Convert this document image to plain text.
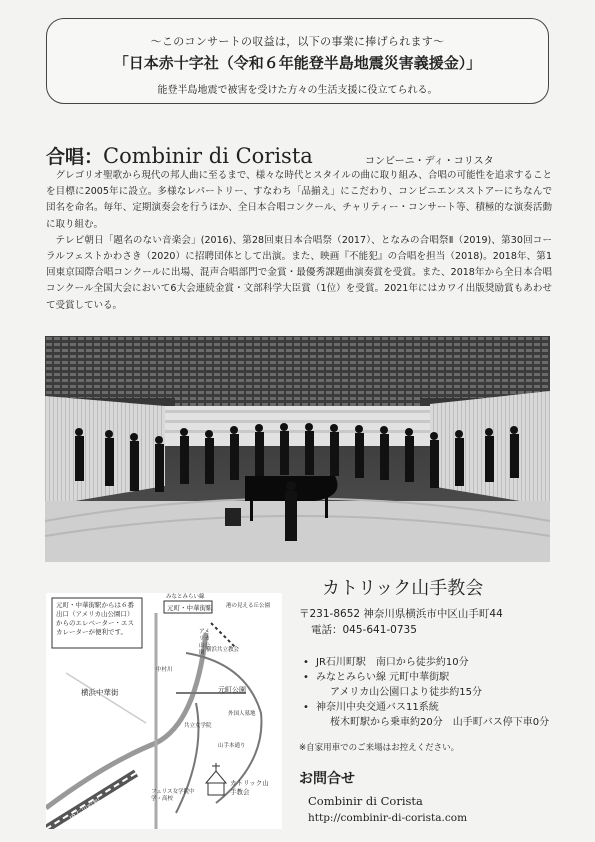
～このコンサートの収益は，以下の事業に捧げられます～
「日本赤十字社（令和６年能登半島地震災害義援金）」
能登半島地震で被害を受けた方々の生活支援に役立てられる。
合唱：Combinir di Corista	コンビーニ・ディ・コリスタ

グレゴリオ聖歌から現代の邦人曲に至るまで、様々な時代とスタイルの曲に取り組み、合唱の可能性を追求することを目標に2005年に設立。多様なレパートリー、すなわち「品揃え」にこだわり、コンビニエンスストアーにちなんで団名を命名。毎年、定期演奏会を行うほか、全日本合唱コンクール、チャリティー・コンサート等、積極的な演奏活動に取り組む。

テレビ朝日「題名のない音楽会」(2016)、第28回東日本合唱祭（2017）、となみの合唱祭Ⅱ（2019)、第30回コーラルフェストかわさき（2020）に招聘団体として出演。また、映画『不能犯』の合唱を担当（2018)。2018年、第1回東京国際合唱コンクールに出場、混声合唱部門で金賞・最優秀課題曲演奏賞を受賞。また、2018年から全日本合唱コンクール全国大会において6大会連続金賞・文部科学大臣賞（1位）を受賞。2021年にはカワイ出版奨励賞もあわせて受賞している。

元町・中華街駅からは６番出口（アメリカ山公園口）からのエレベーター・エスカレーターが便利です。
みなとみらい線
元町・中華街駅 港の見える丘公園
アメリカ山公園 横浜共立教会
横浜中華街	元町公園
共立女学院
フェリス女学院中学・高校
山手本通り
外国人墓地
中村川
JR石川町駅
カトリック山手教会
カトリック山手教会
〒231-8652 神奈川県横浜市中区山手町44
電話：045-641-0735
• JR石川町駅　南口から徒歩約10分
• みなとみらい線 元町中華街駅
アメリカ山公園口より徒歩約15分
• 神奈川中央交通バス11系統
桜木町駅から乗車約20分　山手町バス停下車0分
※自家用車でのご来場はお控えください。
お問合せ
Combinir di Corista
http://combinir-di-corista.com
